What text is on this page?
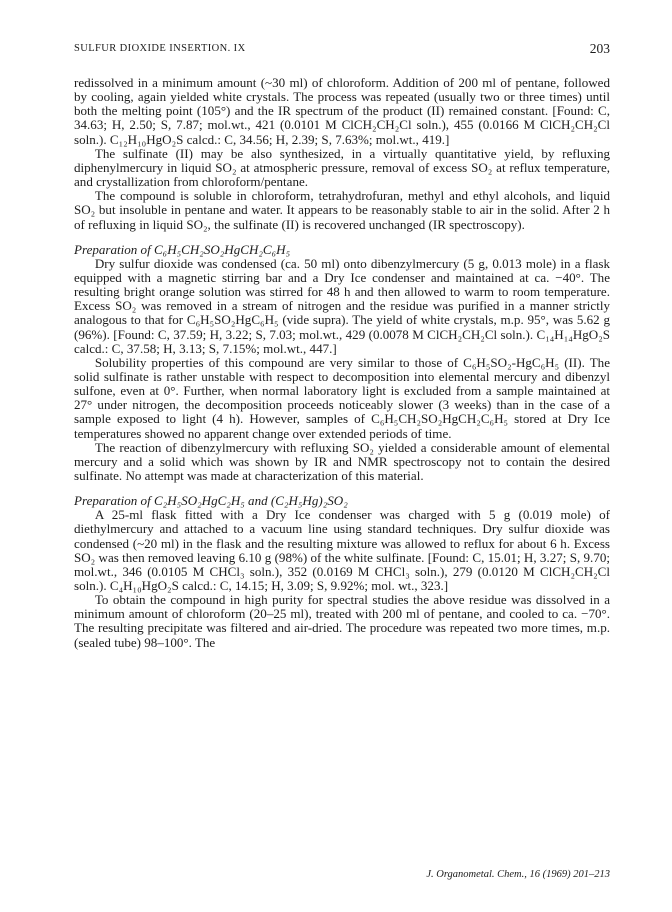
SULFUR DIOXIDE INSERTION. IX	203

redissolved in a minimum amount (~30 ml) of chloroform. Addition of 200 ml of pentane, followed by cooling, again yielded white crystals. The process was repeated (usually two or three times) until both the melting point (105°) and the IR spectrum of the product (II) remained constant. [Found: C, 34.63; H, 2.50; S, 7.87; mol.wt., 421 (0.0101 M ClCH₂CH₂Cl soln.), 455 (0.0166 M ClCH₂CH₂Cl soln.). C₁₂H₁₀HgO₂S calcd.: C, 34.56; H, 2.39; S, 7.63%; mol.wt., 419.]

The sulfinate (II) may be also synthesized, in a virtually quantitative yield, by refluxing diphenylmercury in liquid SO₂ at atmospheric pressure, removal of excess SO₂ at reflux temperature, and crystallization from chloroform/pentane.

The compound is soluble in chloroform, tetrahydrofuran, methyl and ethyl alcohols, and liquid SO₂ but insoluble in pentane and water. It appears to be reasonably stable to air in the solid. After 2 h of refluxing in liquid SO₂, the sulfinate (II) is recovered unchanged (IR spectroscopy).

Preparation of C₆H₅CH₂SO₂HgCH₂C₆H₅

Dry sulfur dioxide was condensed (ca. 50 ml) onto dibenzylmercury (5 g, 0.013 mole) in a flask equipped with a magnetic stirring bar and a Dry Ice condenser and maintained at ca. −40°. The resulting bright orange solution was stirred for 48 h and then allowed to warm to room temperature. Excess SO₂ was removed in a stream of nitrogen and the residue was purified in a manner strictly analogous to that for C₆H₅SO₂HgC₆H₅ (vide supra). The yield of white crystals, m.p. 95°, was 5.62 g (96%). [Found: C, 37.59; H, 3.22; S, 7.03; mol.wt., 429 (0.0078 M ClCH₂CH₂Cl soln.). C₁₄H₁₄HgO₂S calcd.: C, 37.58; H, 3.13; S, 7.15%; mol.wt., 447.]

Solubility properties of this compound are very similar to those of C₆H₅SO₂-HgC₆H₅ (II). The solid sulfinate is rather unstable with respect to decomposition into elemental mercury and dibenzyl sulfone, even at 0°. Further, when normal laboratory light is excluded from a sample maintained at 27° under nitrogen, the decomposition proceeds noticeably slower (3 weeks) than in the case of a sample exposed to light (4 h). However, samples of C₆H₅CH₂SO₂HgCH₂C₆H₅ stored at Dry Ice temperatures showed no apparent change over extended periods of time.

The reaction of dibenzylmercury with refluxing SO₂ yielded a considerable amount of elemental mercury and a solid which was shown by IR and NMR spectroscopy not to contain the desired sulfinate. No attempt was made at characterization of this material.

Preparation of C₂H₅SO₂HgC₂H₅ and (C₂H₅Hg)₂SO₂

A 25-ml flask fitted with a Dry Ice condenser was charged with 5 g (0.019 mole) of diethylmercury and attached to a vacuum line using standard techniques. Dry sulfur dioxide was condensed (~20 ml) in the flask and the resulting mixture was allowed to reflux for about 6 h. Excess SO₂ was then removed leaving 6.10 g (98%) of the white sulfinate. [Found: C, 15.01; H, 3.27; S, 9.70; mol.wt., 346 (0.0105 M CHCl₃ soln.), 352 (0.0169 M CHCl₃ soln.), 279 (0.0120 M ClCH₂CH₂Cl soln.). C₄H₁₀HgO₂S calcd.: C, 14.15; H, 3.09; S, 9.92%; mol. wt., 323.]

To obtain the compound in high purity for spectral studies the above residue was dissolved in a minimum amount of chloroform (20–25 ml), treated with 200 ml of pentane, and cooled to ca. −70°. The resulting precipitate was filtered and air-dried. The procedure was repeated two more times, m.p. (sealed tube) 98–100°. The

J. Organometal. Chem., 16 (1969) 201–213
